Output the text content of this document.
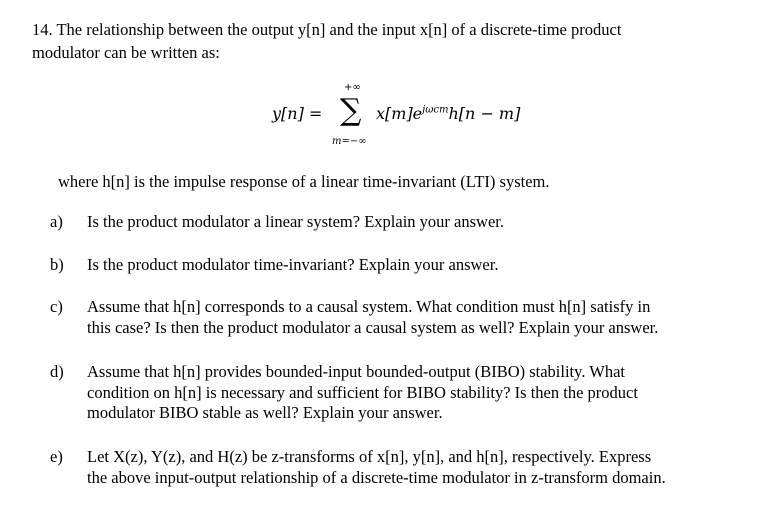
14. The relationship between the output y[n] and the input x[n] of a discrete-time product
modulator can be written as:
y[n] =
+∞
∑
m=−∞
$x[m]e^{j\omega cm}h[n - m]$
where h[n] is the impulse response of a linear time-invariant (LTI) system.
a) Is the product modulator a linear system? Explain your answer.
b) Is the product modulator time-invariant? Explain your answer.
c) Assume that h[n] corresponds to a causal system. What condition must h[n] satisfy in
this case? Is then the product modulator a causal system as well? Explain your answer.
d) Assume that h[n] provides bounded-input bounded-output (BIBO) stability. What
condition on h[n] is necessary and sufficient for BIBO stability? Is then the product
modulator BIBO stable as well? Explain your answer.
e) Let X(z), Y(z), and H(z) be z-transforms of x[n], y[n], and h[n], respectively. Express
the above input-output relationship of a discrete-time modulator in z-transform domain.
